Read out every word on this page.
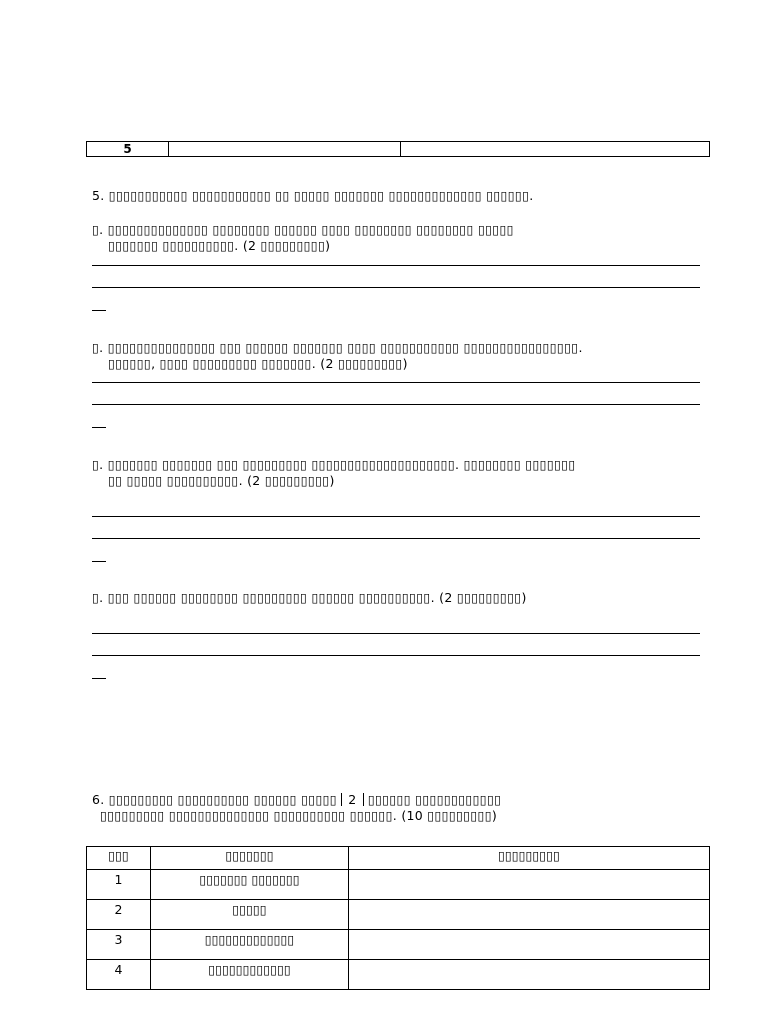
5		
5. ▯▯▯▯▯▯▯▯▯▯▯ ▯▯▯▯▯▯▯▯▯▯▯ ▯▯ ▯▯▯▯▯ ▯▯▯▯▯▯▯ ▯▯▯▯▯▯▯▯▯▯▯▯▯ ▯▯▯▯▯▯.
▯. ▯▯▯▯▯▯▯▯▯▯▯▯▯▯ ▯▯▯▯▯▯▯▯ ▯▯▯▯▯▯ ▯▯▯▯ ▯▯▯▯▯▯▯▯ ▯▯▯▯▯▯▯▯ ▯▯▯▯▯
▯▯▯▯▯▯▯ ▯▯▯▯▯▯▯▯▯▯. (2 ▯▯▯▯▯▯▯▯▯)
▯. ▯▯▯▯▯▯▯▯▯▯▯▯▯▯▯ ▯▯▯ ▯▯▯▯▯▯ ▯▯▯▯▯▯▯ ▯▯▯▯ ▯▯▯▯▯▯▯▯▯▯▯ ▯▯▯▯▯▯▯▯▯▯▯▯▯▯▯▯.
▯▯▯▯▯▯, ▯▯▯▯ ▯▯▯▯▯▯▯▯▯ ▯▯▯▯▯▯▯. (2 ▯▯▯▯▯▯▯▯▯)
▯. ▯▯▯▯▯▯▯ ▯▯▯▯▯▯▯ ▯▯▯ ▯▯▯▯▯▯▯▯▯ ▯▯▯▯▯▯▯▯▯▯▯▯▯▯▯▯▯▯▯▯. ▯▯▯▯▯▯▯▯ ▯▯▯▯▯▯▯
▯▯ ▯▯▯▯▯ ▯▯▯▯▯▯▯▯▯▯. (2 ▯▯▯▯▯▯▯▯▯)
▯. ▯▯▯ ▯▯▯▯▯▯ ▯▯▯▯▯▯▯▯ ▯▯▯▯▯▯▯▯▯ ▯▯▯▯▯▯ ▯▯▯▯▯▯▯▯▯▯. (2 ▯▯▯▯▯▯▯▯▯)
6. ▯▯▯▯▯▯▯▯▯ ▯▯▯▯▯▯▯▯▯▯ ▯▯▯▯▯▯ ▯▯▯▯▯ 2 ▯▯▯▯▯▯ ▯▯▯▯▯▯▯▯▯▯▯▯
▯▯▯▯▯▯▯▯▯ ▯▯▯▯▯▯▯▯▯▯▯▯▯▯ ▯▯▯▯▯▯▯▯▯▯ ▯▯▯▯▯▯. (10 ▯▯▯▯▯▯▯▯▯)
▯▯▯	▯▯▯▯▯▯▯	▯▯▯▯▯▯▯▯▯
1	▯▯▯▯▯▯▯ ▯▯▯▯▯▯▯	
2	▯▯▯▯▯	
3	▯▯▯▯▯▯▯▯▯▯▯▯▯	
4	▯▯▯▯▯▯▯▯▯▯▯▯	
